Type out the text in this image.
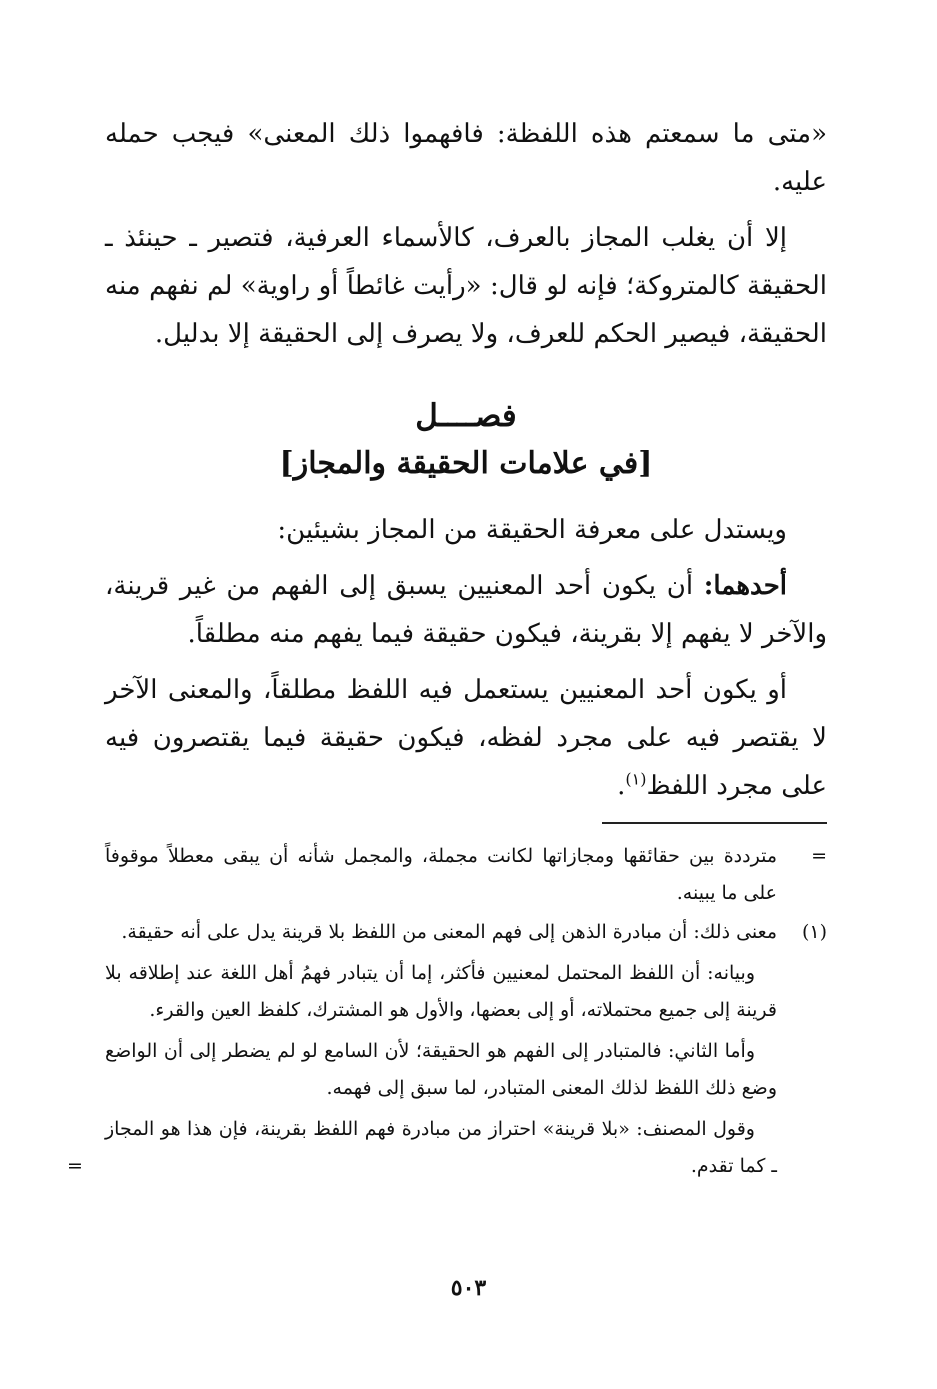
«متى ما سمعتم هذه اللفظة: فافهموا ذلك المعنى» فيجب حمله عليه.

إلا أن يغلب المجاز بالعرف، كالأسماء العرفية، فتصير ـ حينئذ ـ الحقيقة كالمتروكة؛ فإنه لو قال: «رأيت غائطاً أو راوية» لم نفهم منه الحقيقة، فيصير الحكم للعرف، ولا يصرف إلى الحقيقة إلا بدليل.

فصــــل
[في علامات الحقيقة والمجاز]

ويستدل على معرفة الحقيقة من المجاز بشيئين:

أحدهما: أن يكون أحد المعنيين يسبق إلى الفهم من غير قرينة، والآخر لا يفهم إلا بقرينة، فيكون حقيقة فيما يفهم منه مطلقاً.

أو يكون أحد المعنيين يستعمل فيه اللفظ مطلقاً، والمعنى الآخر لا يقتصر فيه على مجرد لفظه، فيكون حقيقة فيما يقتصرون فيه على مجرد اللفظ$^{(١)}$.

=

مترددة بين حقائقها ومجازاتها لكانت مجملة، والمجمل شأنه أن يبقى معطلاً موقوفاً على ما يبينه.

(١)

معنى ذلك: أن مبادرة الذهن إلى فهم المعنى من اللفظ بلا قرينة يدل على أنه حقيقة.

وبيانه: أن اللفظ المحتمل لمعنيين فأكثر، إما أن يتبادر فهمُ أهل اللغة عند إطلاقه بلا قرينة إلى جميع محتملاته، أو إلى بعضها، والأول هو المشترك، كلفظ العين والقرء.

وأما الثاني: فالمتبادر إلى الفهم هو الحقيقة؛ لأن السامع لو لم يضطر إلى أن الواضع وضع ذلك اللفظ لذلك المعنى المتبادر، لما سبق إلى فهمه.

وقول المصنف: «بلا قرينة» احتراز من مبادرة فهم اللفظ بقرينة، فإن هذا هو المجاز ـ كما تقدم.
=

٥٠٣
